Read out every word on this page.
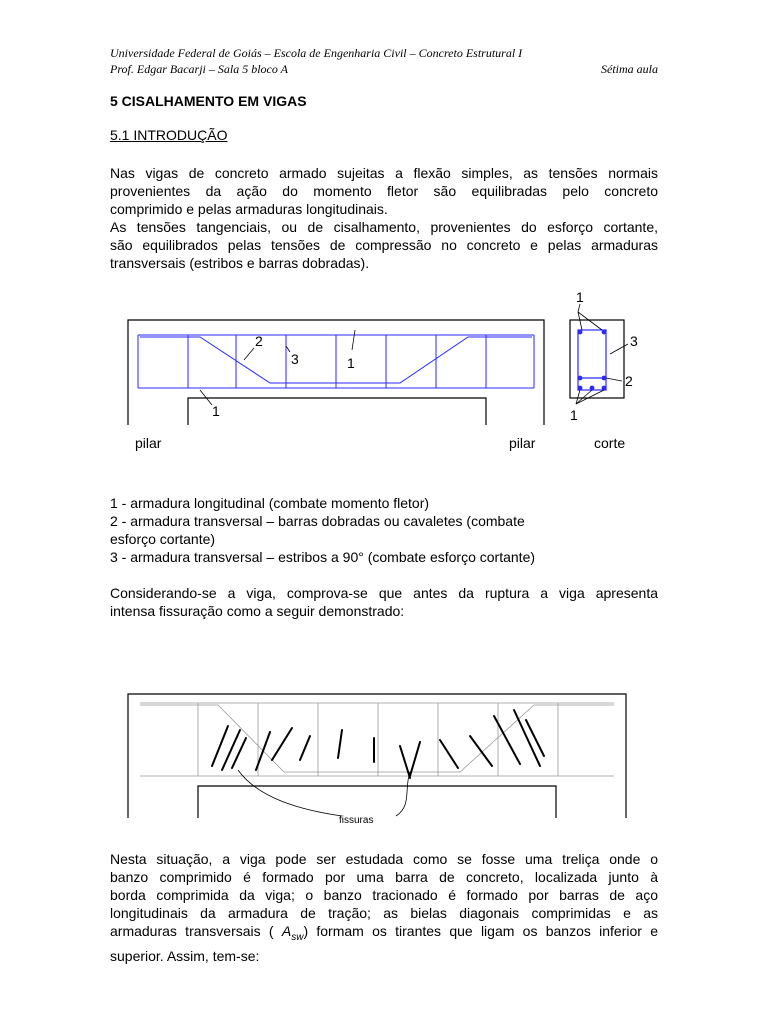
Universidade Federal de Goiás – Escola de Engenharia Civil – Concreto Estrutural I
Prof. Edgar Bacarji – Sala 5 bloco A	Sétima aula
5 CISALHAMENTO EM VIGAS
5.1 INTRODUÇÃO
Nas vigas de concreto armado sujeitas a flexão simples, as tensões normais
provenientes da ação do momento fletor são equilibradas pelo concreto
comprimido e pelas armaduras longitudinais.
As tensões tangenciais, ou de cisalhamento, provenientes do esforço cortante,
são equilibrados pelas tensões de compressão no concreto e pelas armaduras
transversais (estribos e barras dobradas).
2
3	1
1
1
3
2
1
pilar	pilar	corte
1 - armadura longitudinal (combate momento fletor)
2 - armadura transversal – barras dobradas ou cavaletes (combate
esforço cortante)
3 - armadura transversal – estribos a 90° (combate esforço cortante)
Considerando-se a viga, comprova-se que antes da ruptura a viga apresenta
intensa fissuração como a seguir demonstrado:
fissuras
Nesta situação, a viga pode ser estudada como se fosse uma treliça onde o
banzo comprimido é formado por uma barra de concreto, localizada junto à
borda comprimida da viga; o banzo tracionado é formado por barras de aço
longitudinais da armadura de tração; as bielas diagonais comprimidas e as
armaduras transversais ( $A_{sw}$) formam os tirantes que ligam os banzos inferior e
superior. Assim, tem-se:
